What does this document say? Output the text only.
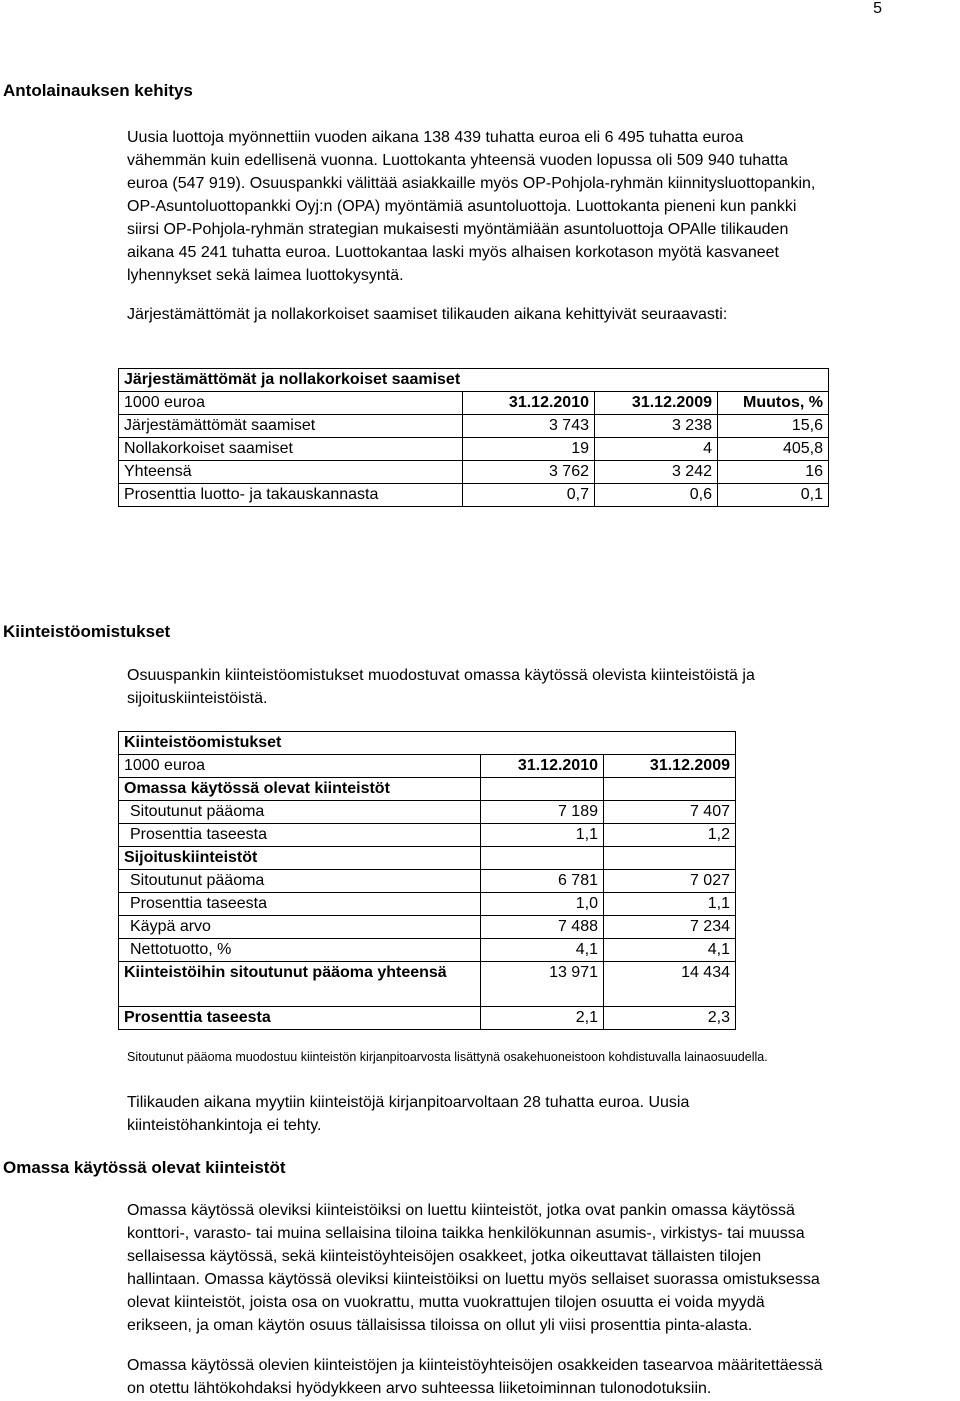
5
Antolainauksen kehitys
Uusia luottoja myönnettiin vuoden aikana 138 439 tuhatta euroa eli 6 495 tuhatta euroa
vähemmän kuin edellisenä vuonna. Luottokanta yhteensä vuoden lopussa oli 509 940 tuhatta
euroa (547 919). Osuuspankki välittää asiakkaille myös OP-Pohjola-ryhmän kiinnitysluottopankin,
OP-Asuntoluottopankki Oyj:n (OPA) myöntämiä asuntoluottoja. Luottokanta pieneni kun pankki
siirsi OP-Pohjola-ryhmän strategian mukaisesti myöntämiään asuntoluottoja OPAlle tilikauden
aikana 45 241 tuhatta euroa. Luottokantaa laski myös alhaisen korkotason myötä kasvaneet
lyhennykset sekä laimea luottokysyntä.
Järjestämättömät ja nollakorkoiset saamiset tilikauden aikana kehittyivät seuraavasti:
Järjestämättömät ja nollakorkoiset saamiset			
1000 euroa	31.12.2010	31.12.2009	Muutos, %
Järjestämättömät saamiset	3 743	3 238	15,6
Nollakorkoiset saamiset	19	4	405,8
Yhteensä	3 762	3 242	16
Prosenttia luotto- ja takauskannasta	0,7	0,6	0,1
Kiinteistöomistukset
Osuuspankin kiinteistöomistukset muodostuvat omassa käytössä olevista kiinteistöistä ja
sijoituskiinteistöistä.
Kiinteistöomistukset		
1000 euroa	31.12.2010	31.12.2009
Omassa käytössä olevat kiinteistöt		
Sitoutunut pääoma	7 189	7 407
Prosenttia taseesta	1,1	1,2
Sijoituskiinteistöt		
Sitoutunut pääoma	6 781	7 027
Prosenttia taseesta	1,0	1,1
Käypä arvo	7 488	7 234
Nettotuotto, %	4,1	4,1
Kiinteistöihin sitoutunut pääoma yhteensä	13 971	14 434
Prosenttia taseesta	2,1	2,3
Sitoutunut pääoma muodostuu kiinteistön kirjanpitoarvosta lisättynä osakehuoneistoon kohdistuvalla lainaosuudella.
Tilikauden aikana myytiin kiinteistöjä kirjanpitoarvoltaan 28 tuhatta euroa. Uusia
kiinteistöhankintoja ei tehty.
Omassa käytössä olevat kiinteistöt
Omassa käytössä oleviksi kiinteistöiksi on luettu kiinteistöt, jotka ovat pankin omassa käytössä
konttori-, varasto- tai muina sellaisina tiloina taikka henkilökunnan asumis-, virkistys- tai muussa
sellaisessa käytössä, sekä kiinteistöyhteisöjen osakkeet, jotka oikeuttavat tällaisten tilojen
hallintaan. Omassa käytössä oleviksi kiinteistöiksi on luettu myös sellaiset suorassa omistuksessa
olevat kiinteistöt, joista osa on vuokrattu, mutta vuokrattujen tilojen osuutta ei voida myydä
erikseen, ja oman käytön osuus tällaisissa tiloissa on ollut yli viisi prosenttia pinta-alasta.
Omassa käytössä olevien kiinteistöjen ja kiinteistöyhteisöjen osakkeiden tasearvoa määritettäessä
on otettu lähtökohdaksi hyödykkeen arvo suhteessa liiketoiminnan tulonodotuksiin.
